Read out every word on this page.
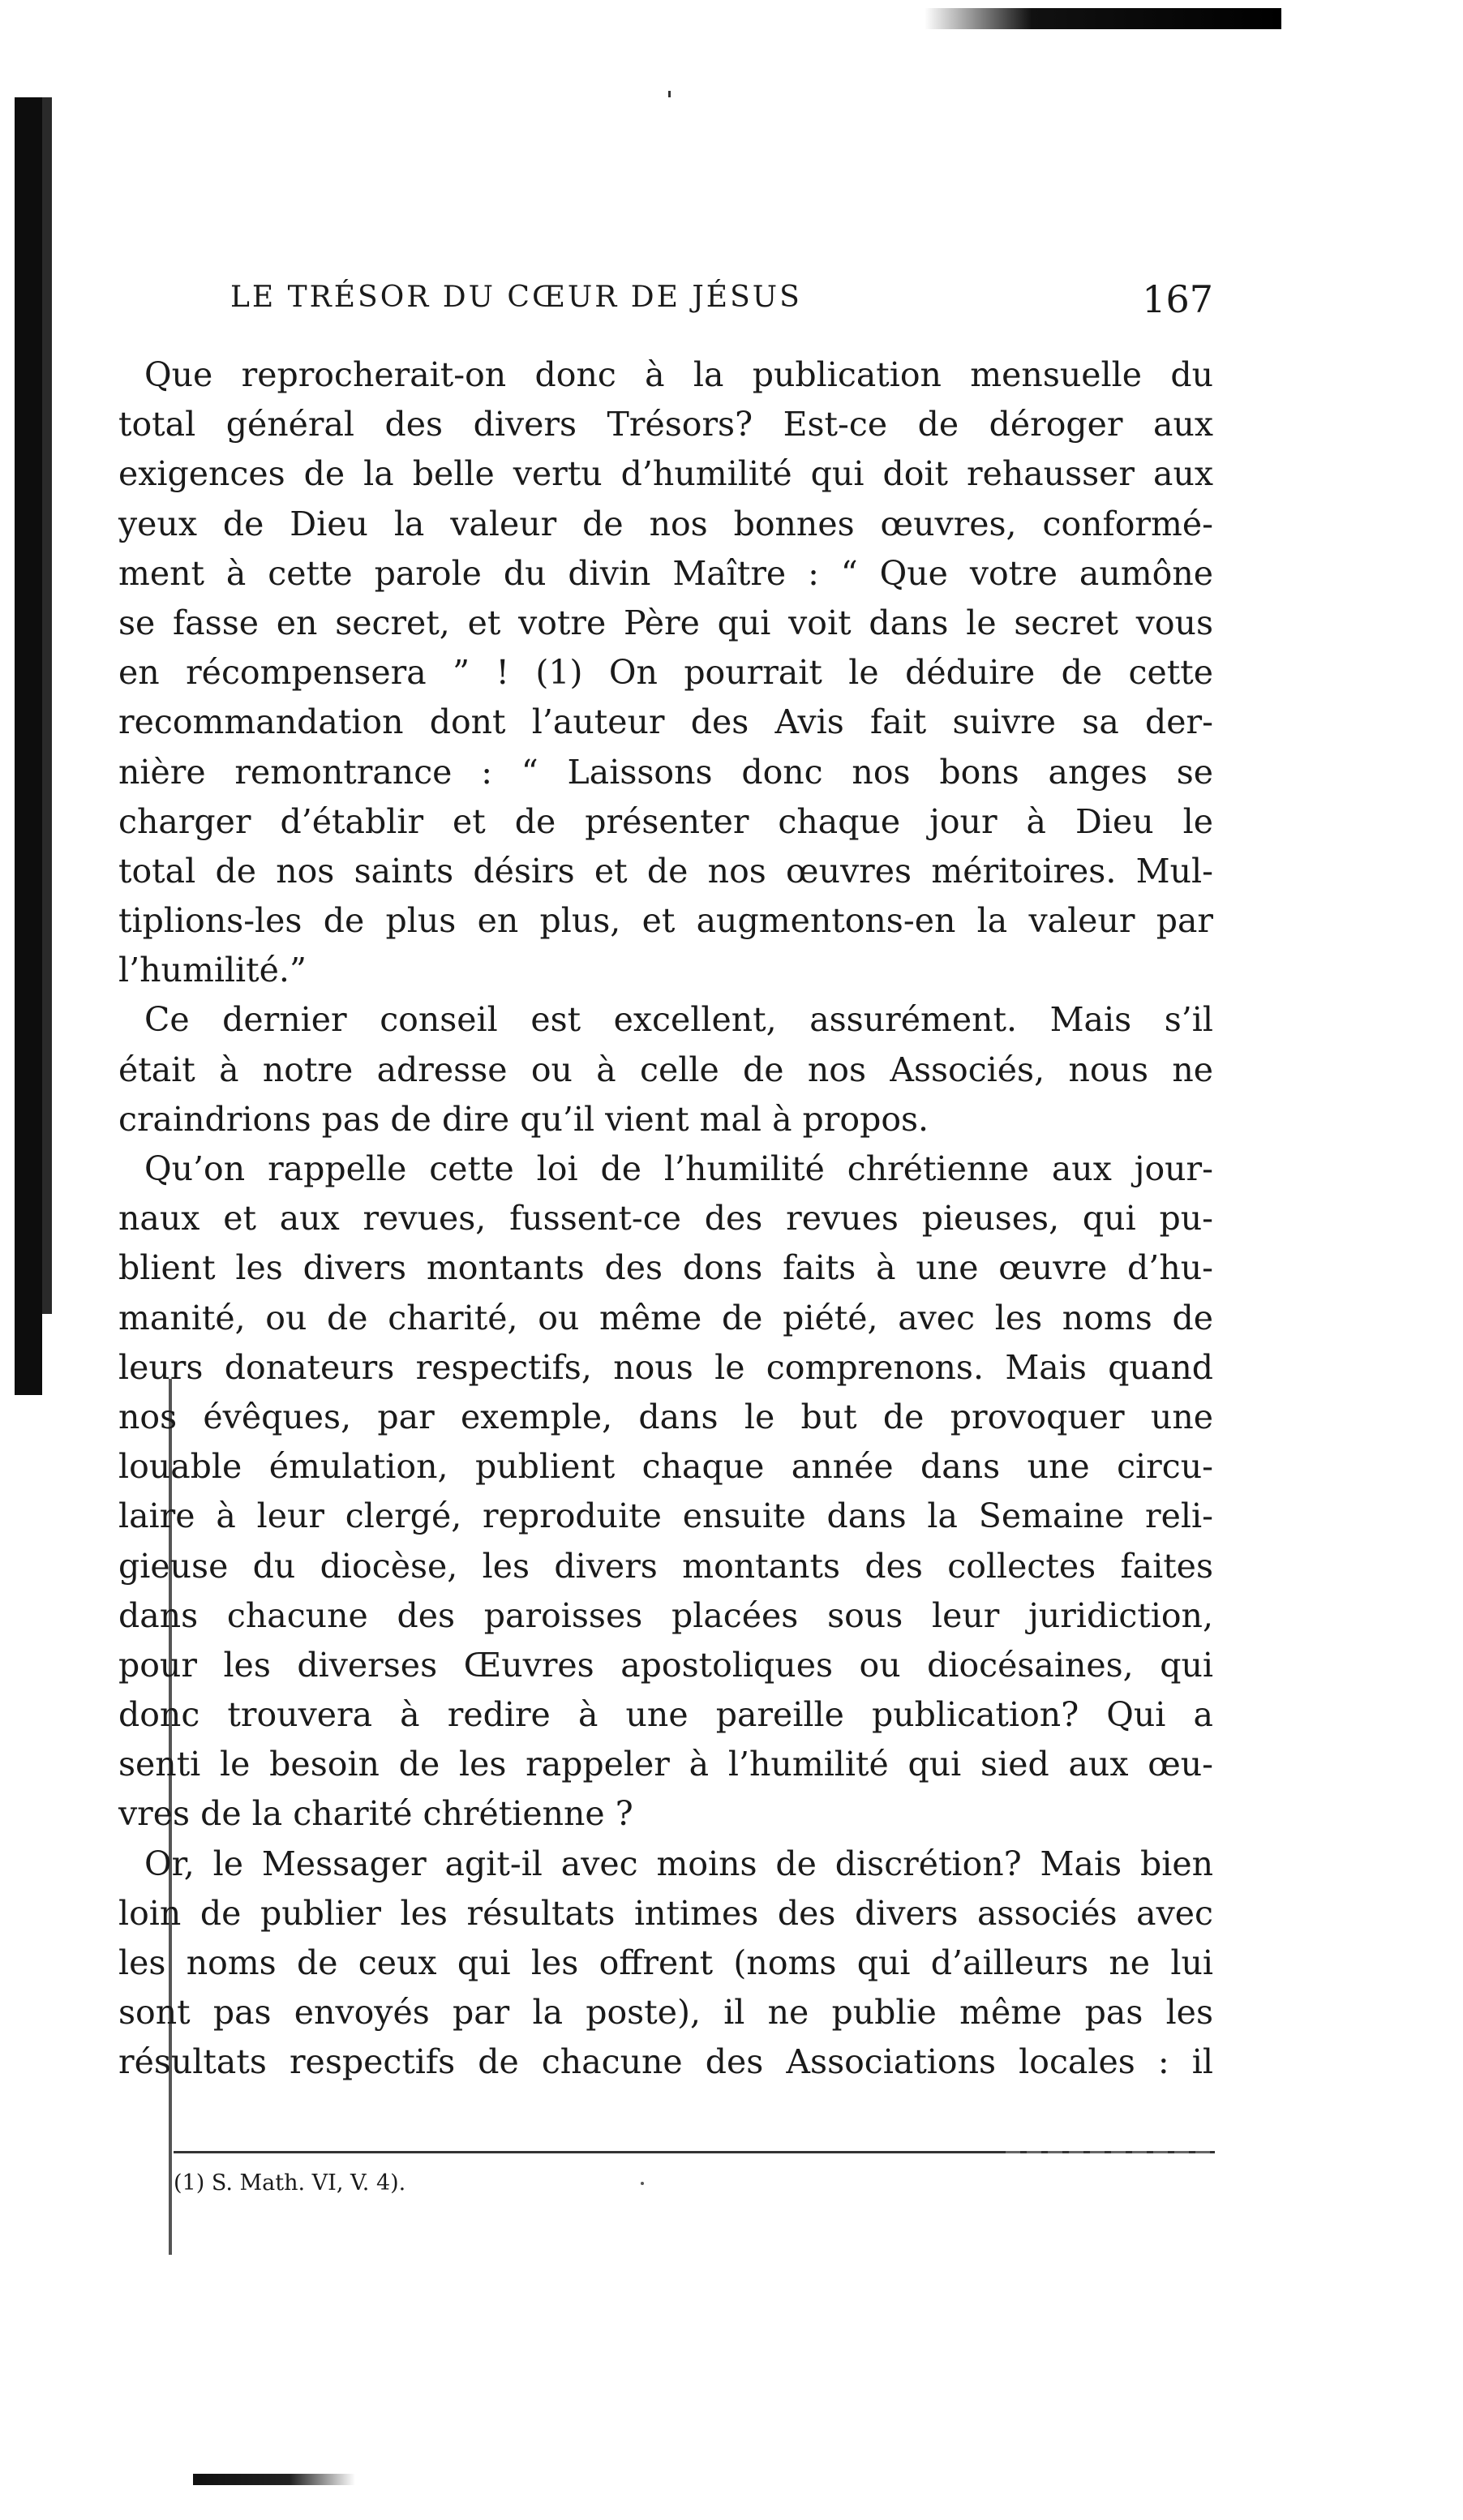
LE TRÉSOR DU CŒUR DE JÉSUS	167
Que reprocherait-on donc à la publication mensuelle du
total général des divers Trésors? Est-ce de déroger aux
exigences de la belle vertu d’humilité qui doit rehausser aux
yeux de Dieu la valeur de nos bonnes œuvres, conformé-
ment à cette parole du divin Maître : “ Que votre aumône
se fasse en secret, et votre Père qui voit dans le secret vous
en récompensera ” ! (1) On pourrait le déduire de cette
recommandation dont l’auteur des Avis fait suivre sa der-
nière remontrance : “ Laissons donc nos bons anges se
charger d’établir et de présenter chaque jour à Dieu le
total de nos saints désirs et de nos œuvres méritoires. Mul-
tiplions-les de plus en plus, et augmentons-en la valeur par
l’humilité.”
Ce dernier conseil est excellent, assurément. Mais s’il
était à notre adresse ou à celle de nos Associés, nous ne
craindrions pas de dire qu’il vient mal à propos.
Qu’on rappelle cette loi de l’humilité chrétienne aux jour-
naux et aux revues, fussent-ce des revues pieuses, qui pu-
blient les divers montants des dons faits à une œuvre d’hu-
manité, ou de charité, ou même de piété, avec les noms de
leurs donateurs respectifs, nous le comprenons. Mais quand
nos évêques, par exemple, dans le but de provoquer une
louable émulation, publient chaque année dans une circu-
laire à leur clergé, reproduite ensuite dans la Semaine reli-
gieuse du diocèse, les divers montants des collectes faites
dans chacune des paroisses placées sous leur juridiction,
pour les diverses Œuvres apostoliques ou diocésaines, qui
donc trouvera à redire à une pareille publication? Qui a
senti le besoin de les rappeler à l’humilité qui sied aux œu-
vres de la charité chrétienne ?
Or, le Messager agit-il avec moins de discrétion? Mais bien
loin de publier les résultats intimes des divers associés avec
les noms de ceux qui les offrent (noms qui d’ailleurs ne lui
sont pas envoyés par la poste), il ne publie même pas les
résultats respectifs de chacune des Associations locales : il
(1) S. Math. VI, V. 4).
